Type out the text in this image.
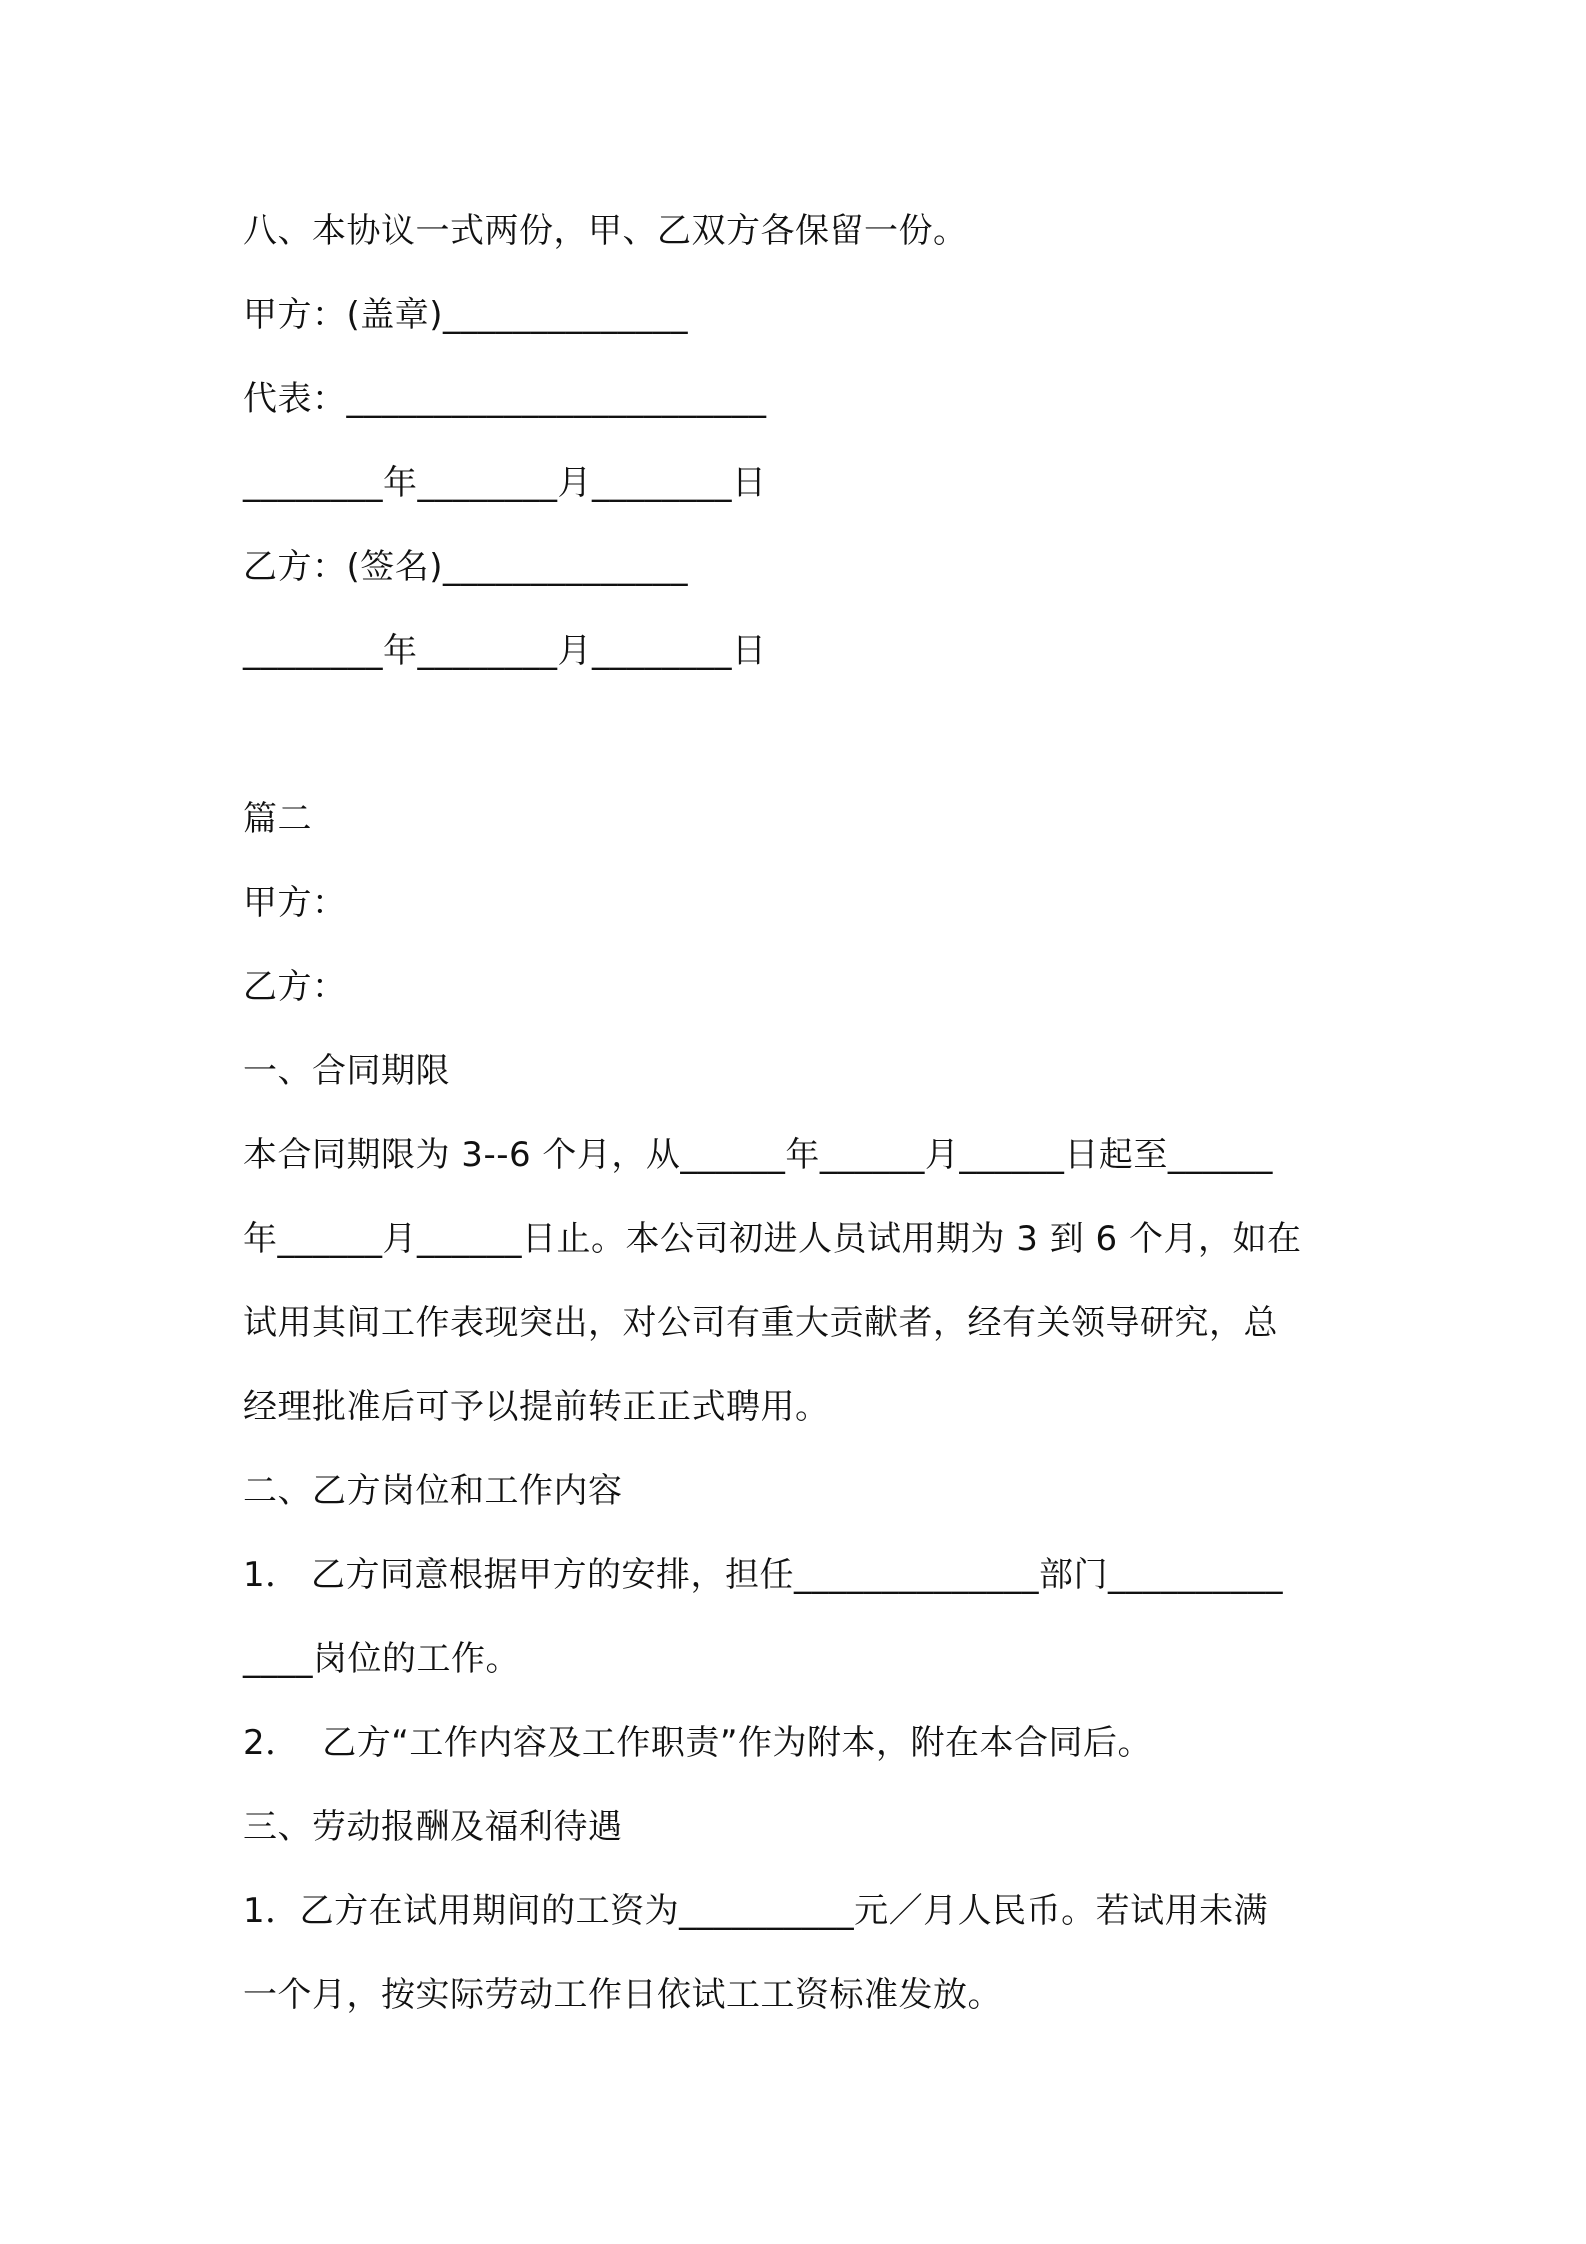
八、本协议一式两份，甲、乙双方各保留一份。
甲方：(盖章)______________
代表：________________________
________年________月________日
乙方：(签名)______________
________年________月________日
篇二
甲方：
乙方：
一、合同期限
本合同期限为 3--6 个月，从______年______月______日起至______
年______月______日止。本公司初进人员试用期为 3 到 6 个月，如在
试用其间工作表现突出，对公司有重大贡献者，经有关领导研究，总
经理批准后可予以提前转正正式聘用。
二、乙方岗位和工作内容
1． 乙方同意根据甲方的安排，担任______________部门__________
____岗位的工作。
2．  乙方“工作内容及工作职责”作为附本，附在本合同后。
三、劳动报酬及福利待遇
1．乙方在试用期间的工资为__________元／月人民币。若试用未满
一个月，按实际劳动工作日依试工工资标准发放。
